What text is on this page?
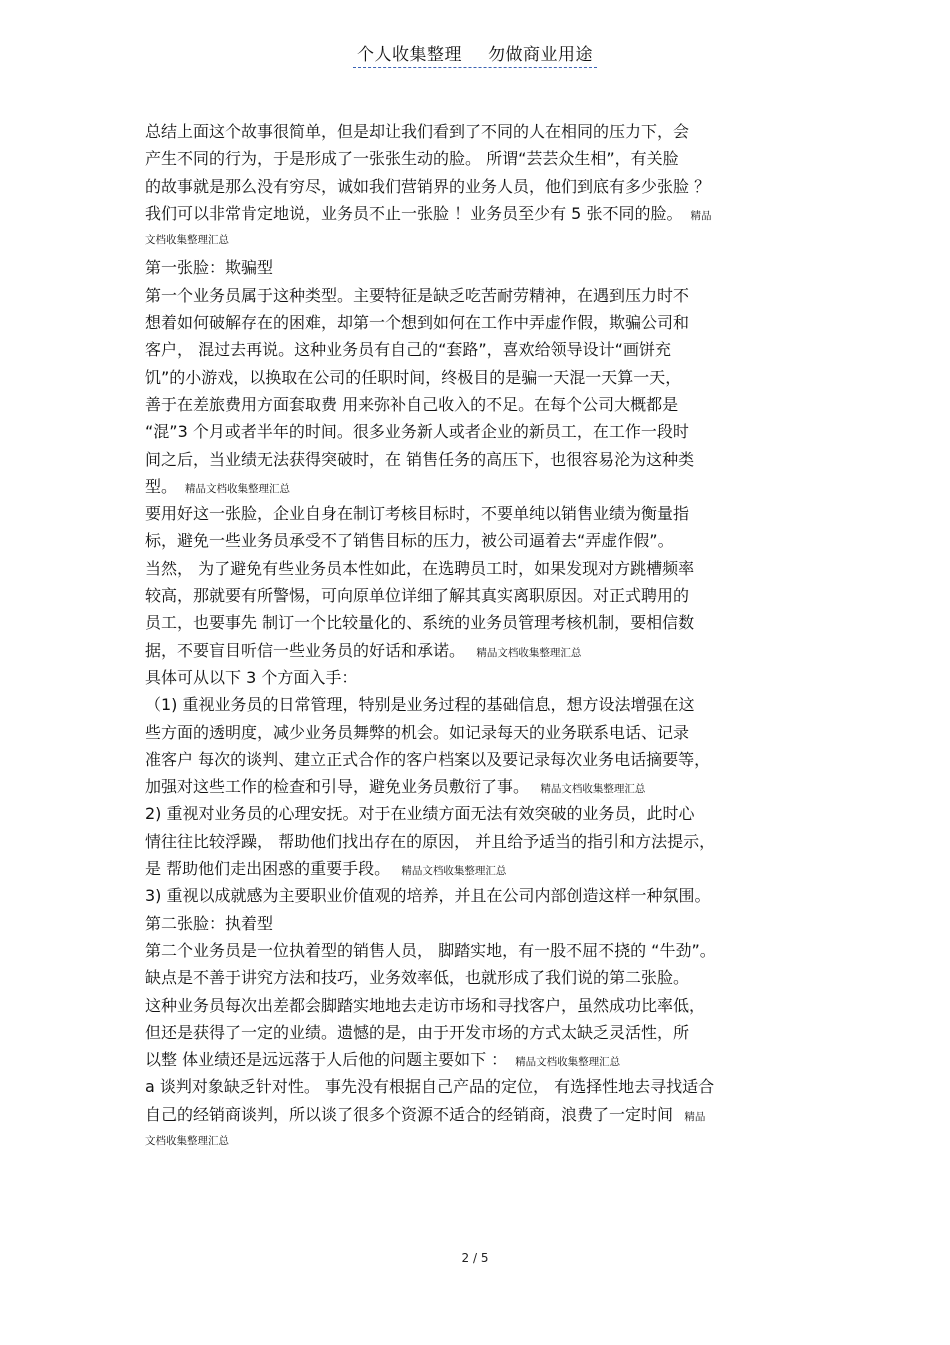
个人收集整理 勿做商业用途
总结上面这个故事很简单，但是却让我们看到了不同的人在相同的压力下，会
产生不同的行为，于是形成了一张张生动的脸。 所谓“芸芸众生相”，有关脸
的故事就是那么没有穷尽，诚如我们营销界的业务人员，他们到底有多少张脸 ？
我们可以非常肯定地说，业务员不止一张脸 ！业务员至少有 5 张不同的脸。 精品
文档收集整理汇总
第一张脸：欺骗型
第一个业务员属于这种类型。主要特征是缺乏吃苦耐劳精神，在遇到压力时不
想着如何破解存在的困难，却第一个想到如何在工作中弄虚作假，欺骗公司和
客户， 混过去再说。这种业务员有自己的“套路”，喜欢给领导设计“画饼充
饥”的小游戏，以换取在公司的任职时间，终极目的是骗一天混一天算一天，
善于在差旅费用方面套取费 用来弥补自己收入的不足。在每个公司大概都是
“混”3 个月或者半年的时间。很多业务新人或者企业的新员工，在工作一段时
间之后，当业绩无法获得突破时，在 销售任务的高压下，也很容易沦为这种类
型。 精品文档收集整理汇总
要用好这一张脸，企业自身在制订考核目标时，不要单纯以销售业绩为衡量指
标，避免一些业务员承受不了销售目标的压力，被公司逼着去“弄虚作假”。
当然， 为了避免有些业务员本性如此，在选聘员工时，如果发现对方跳槽频率
较高，那就要有所警惕，可向原单位详细了解其真实离职原因。对正式聘用的
员工，也要事先 制订一个比较量化的、系统的业务员管理考核机制，要相信数
据，不要盲目听信一些业务员的好话和承诺。 精品文档收集整理汇总
具体可从以下 3 个方面入手：
（1) 重视业务员的日常管理，特别是业务过程的基础信息，想方设法增强在这
些方面的透明度，减少业务员舞弊的机会。如记录每天的业务联系电话、记录
准客户 每次的谈判、建立正式合作的客户档案以及要记录每次业务电话摘要等，
加强对这些工作的检查和引导，避免业务员敷衍了事。 精品文档收集整理汇总
2) 重视对业务员的心理安抚。对于在业绩方面无法有效突破的业务员，此时心
情往往比较浮躁， 帮助他们找出存在的原因， 并且给予适当的指引和方法提示，
是 帮助他们走出困惑的重要手段。 精品文档收集整理汇总
3) 重视以成就感为主要职业价值观的培养，并且在公司内部创造这样一种氛围。
第二张脸：执着型
第二个业务员是一位执着型的销售人员， 脚踏实地，有一股不屈不挠的 “牛劲”。
缺点是不善于讲究方法和技巧，业务效率低，也就形成了我们说的第二张脸。
这种业务员每次出差都会脚踏实地地去走访市场和寻找客户，虽然成功比率低，
但还是获得了一定的业绩。遗憾的是，由于开发市场的方式太缺乏灵活性，所
以整 体业绩还是远远落于人后他的问题主要如下 ： 精品文档收集整理汇总
a 谈判对象缺乏针对性。 事先没有根据自己产品的定位， 有选择性地去寻找适合
自己的经销商谈判，所以谈了很多个资源不适合的经销商，浪费了一定时间 精品
文档收集整理汇总
2 / 5
